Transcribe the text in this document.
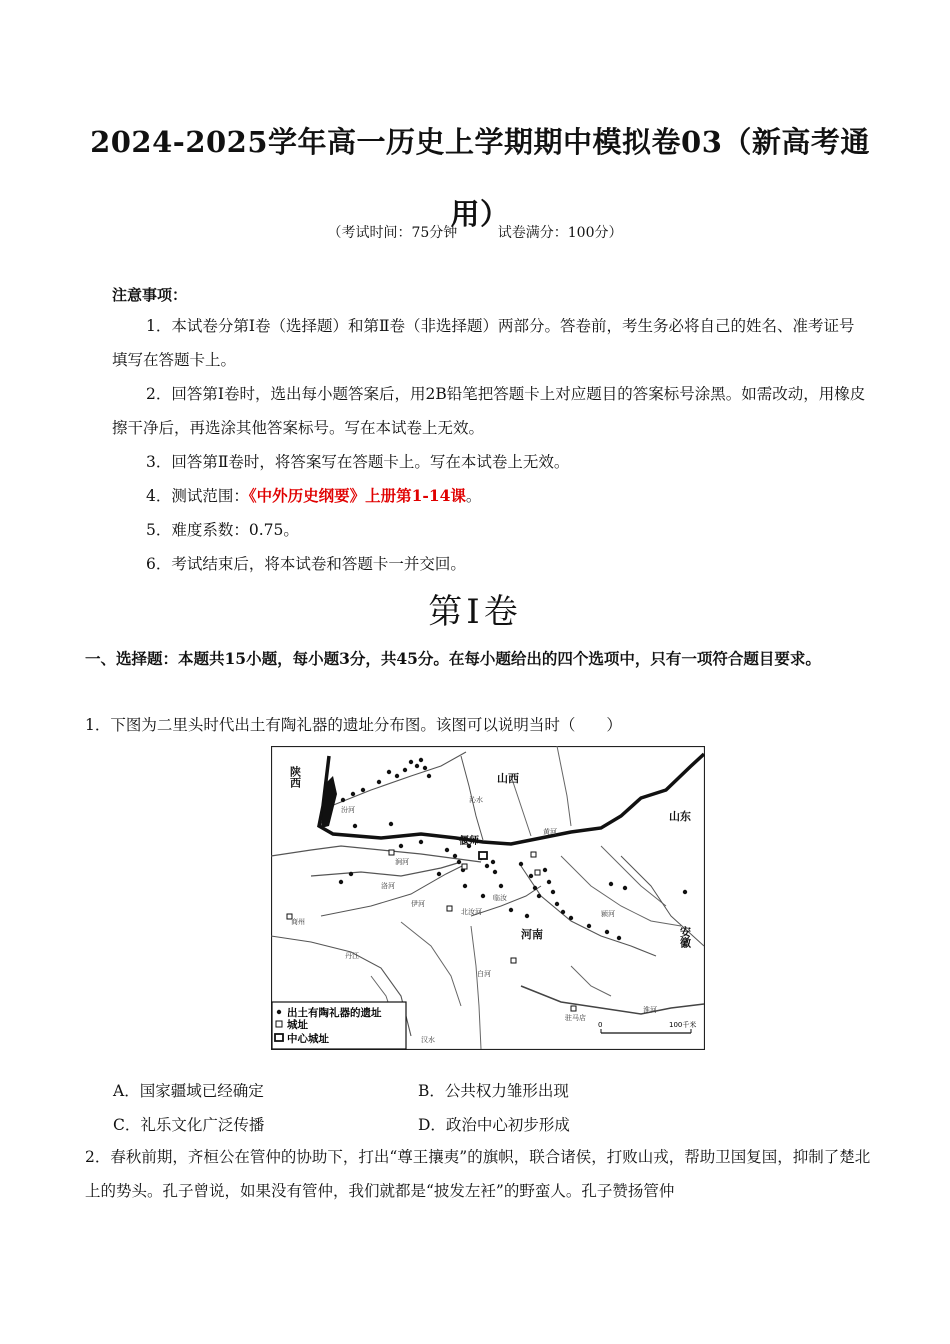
2024-2025学年高一历史上学期期中模拟卷03（新高考通
用）
（考试时间：75分钟	试卷满分：100分）
注意事项：
1．本试卷分第Ⅰ卷（选择题）和第Ⅱ卷（非选择题）两部分。答卷前，考生务必将自己的姓名、准考证号填写在答题卡上。
2．回答第Ⅰ卷时，选出每小题答案后，用2B铅笔把答题卡上对应题目的答案标号涂黑。如需改动，用橡皮擦干净后，再选涂其他答案标号。写在本试卷上无效。
3．回答第Ⅱ卷时，将答案写在答题卡上。写在本试卷上无效。
4．测试范围：《中外历史纲要》上册第1-14课。
5．难度系数：0.75。
6．考试结束后，将本试卷和答题卡一并交回。
第Ⅰ卷
一、选择题：本题共15小题，每小题3分，共45分。在每小题给出的四个选项中，只有一项符合题目要求。
1．下图为二里头时代出土有陶礼器的遗址分布图。该图可以说明当时（　　）
山西
山东
河南
偃师
陕西
安徽
汾河
沁水
黄河
涧河
洛河
伊河
临汝
北汝河	颍河
商州
丹江
白河
驻马店
汉水
淮河
0	100千米
出土有陶礼器的遗址
城址
中心城址
A．国家疆域已经确定	B．公共权力雏形出现
C．礼乐文化广泛传播	D．政治中心初步形成
2．春秋前期，齐桓公在管仲的协助下，打出“尊王攘夷”的旗帜，联合诸侯，打败山戎，帮助卫国复国，抑制了楚北上的势头。孔子曾说，如果没有管仲，我们就都是“披发左衽”的野蛮人。孔子赞扬管仲
